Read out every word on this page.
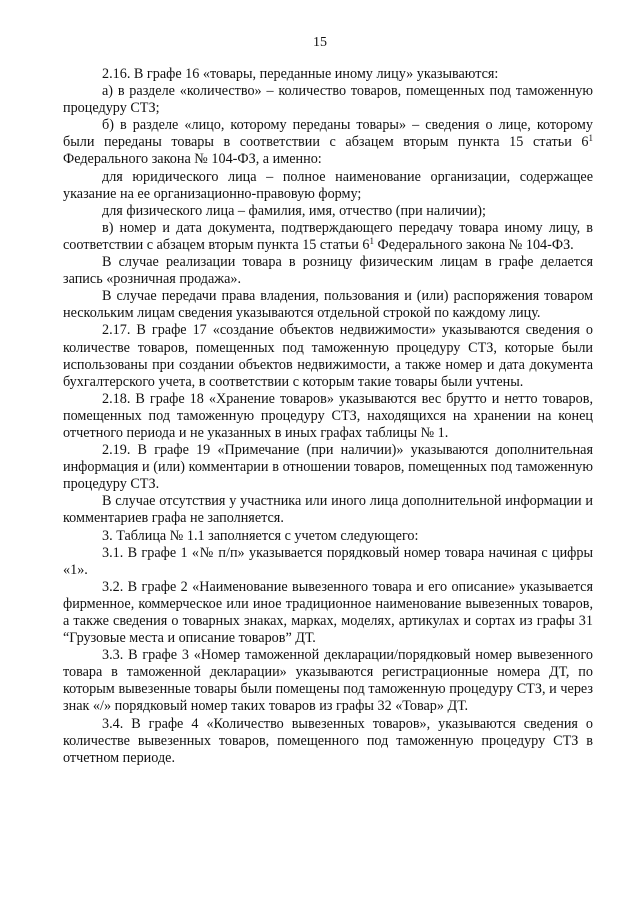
15

2.16. В графе 16 «товары, переданные иному лицу» указываются:

а) в разделе «количество» – количество товаров, помещенных под таможенную процедуру СТЗ;

б) в разделе «лицо, которому переданы товары» – сведения о лице, которому были переданы товары в соответствии с абзацем вторым пункта 15 статьи $6^1$ Федерального закона № 104-ФЗ, а именно:

для юридического лица – полное наименование организации, содержащее указание на ее организационно-правовую форму;

для физического лица – фамилия, имя, отчество (при наличии);

в) номер и дата документа, подтверждающего передачу товара иному лицу, в соответствии с абзацем вторым пункта 15 статьи $6^1$ Федерального закона № 104-ФЗ.

В случае реализации товара в розницу физическим лицам в графе делается запись «розничная продажа».

В случае передачи права владения, пользования и (или) распоряжения товаром нескольким лицам сведения указываются отдельной строкой по каждому лицу.

2.17. В графе 17 «создание объектов недвижимости» указываются сведения о количестве товаров, помещенных под таможенную процедуру СТЗ, которые были использованы при создании объектов недвижимости, а также номер и дата документа бухгалтерского учета, в соответствии с которым такие товары были учтены.

2.18. В графе 18 «Хранение товаров» указываются вес брутто и нетто товаров, помещенных под таможенную процедуру СТЗ, находящихся на хранении на конец отчетного периода и не указанных в иных графах таблицы № 1.

2.19. В графе 19 «Примечание (при наличии)» указываются дополнительная информация и (или) комментарии в отношении товаров, помещенных под таможенную процедуру СТЗ.

В случае отсутствия у участника или иного лица дополнительной информации и комментариев графа не заполняется.

3. Таблица № 1.1 заполняется с учетом следующего:

3.1. В графе 1 «№ п/п» указывается порядковый номер товара начиная с цифры «1».

3.2. В графе 2 «Наименование вывезенного товара и его описание» указывается фирменное, коммерческое или иное традиционное наименование вывезенных товаров, а также сведения о товарных знаках, марках, моделях, артикулах и сортах из графы 31 “Грузовые места и описание товаров” ДТ.

3.3. В графе 3 «Номер таможенной декларации/порядковый номер вывезенного товара в таможенной декларации» указываются регистрационные номера ДТ, по которым вывезенные товары были помещены под таможенную процедуру СТЗ, и через знак «/» порядковый номер таких товаров из графы 32 «Товар» ДТ.

3.4. В графе 4 «Количество вывезенных товаров», указываются сведения о количестве вывезенных товаров, помещенного под таможенную процедуру СТЗ в отчетном периоде.
